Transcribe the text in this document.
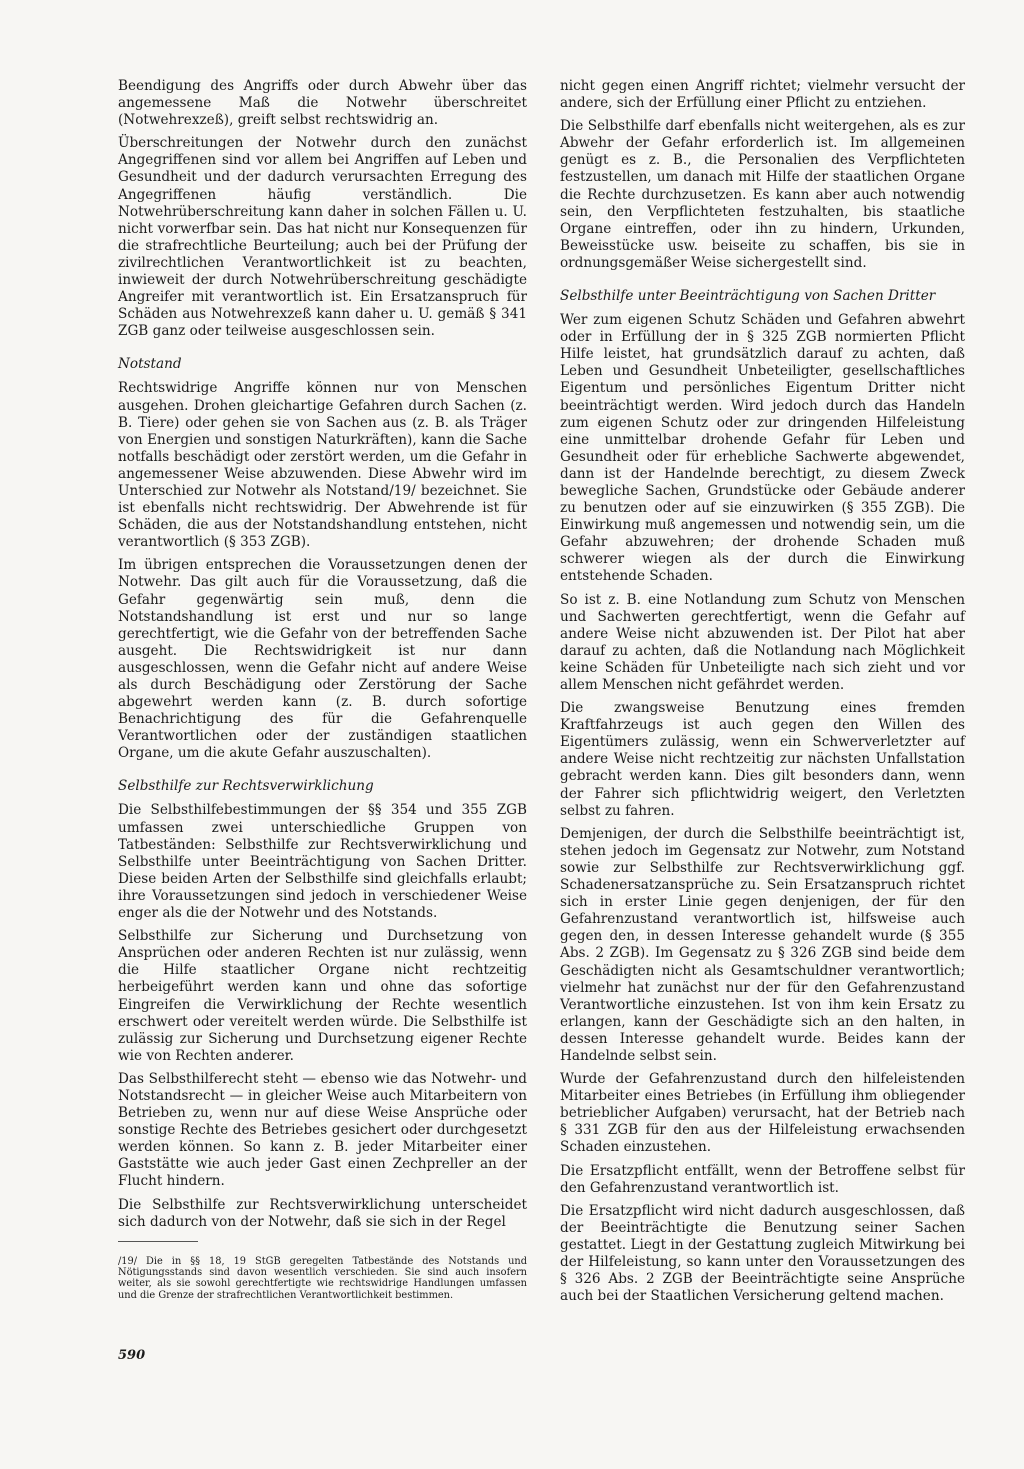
Beendigung des Angriffs oder durch Abwehr über das angemessene Maß die Notwehr überschreitet (Notwehrexzeß), greift selbst rechtswidrig an.

Überschreitungen der Notwehr durch den zunächst Angegriffenen sind vor allem bei Angriffen auf Leben und Gesundheit und der dadurch verursachten Erregung des Angegriffenen häufig verständlich. Die Notwehrüberschreitung kann daher in solchen Fällen u. U. nicht vorwerfbar sein. Das hat nicht nur Konsequenzen für die strafrechtliche Beurteilung; auch bei der Prüfung der zivilrechtlichen Verantwortlichkeit ist zu beachten, inwieweit der durch Notwehrüberschreitung geschädigte Angreifer mit verantwortlich ist. Ein Ersatzanspruch für Schäden aus Notwehrexzeß kann daher u. U. gemäß § 341 ZGB ganz oder teilweise ausgeschlossen sein.

Notstand

Rechtswidrige Angriffe können nur von Menschen ausgehen. Drohen gleichartige Gefahren durch Sachen (z. B. Tiere) oder gehen sie von Sachen aus (z. B. als Träger von Energien und sonstigen Naturkräften), kann die Sache notfalls beschädigt oder zerstört werden, um die Gefahr in angemessener Weise abzuwenden. Diese Abwehr wird im Unterschied zur Notwehr als Notstand/19/ bezeichnet. Sie ist ebenfalls nicht rechtswidrig. Der Abwehrende ist für Schäden, die aus der Notstandshandlung entstehen, nicht verantwortlich (§ 353 ZGB).

Im übrigen entsprechen die Voraussetzungen denen der Notwehr. Das gilt auch für die Voraussetzung, daß die Gefahr gegenwärtig sein muß, denn die Notstandshandlung ist erst und nur so lange gerechtfertigt, wie die Gefahr von der betreffenden Sache ausgeht. Die Rechtswidrigkeit ist nur dann ausgeschlossen, wenn die Gefahr nicht auf andere Weise als durch Beschädigung oder Zerstörung der Sache abgewehrt werden kann (z. B. durch sofortige Benachrichtigung des für die Gefahrenquelle Verantwortlichen oder der zuständigen staatlichen Organe, um die akute Gefahr auszuschalten).

Selbsthilfe zur Rechtsverwirklichung

Die Selbsthilfebestimmungen der §§ 354 und 355 ZGB umfassen zwei unterschiedliche Gruppen von Tatbeständen: Selbsthilfe zur Rechtsverwirklichung und Selbsthilfe unter Beeinträchtigung von Sachen Dritter. Diese beiden Arten der Selbsthilfe sind gleichfalls erlaubt; ihre Voraussetzungen sind jedoch in verschiedener Weise enger als die der Notwehr und des Notstands.

Selbsthilfe zur Sicherung und Durchsetzung von Ansprüchen oder anderen Rechten ist nur zulässig, wenn die Hilfe staatlicher Organe nicht rechtzeitig herbeigeführt werden kann und ohne das sofortige Eingreifen die Verwirklichung der Rechte wesentlich erschwert oder vereitelt werden würde. Die Selbsthilfe ist zulässig zur Sicherung und Durchsetzung eigener Rechte wie von Rechten anderer.

Das Selbsthilferecht steht — ebenso wie das Notwehr- und Notstandsrecht — in gleicher Weise auch Mitarbeitern von Betrieben zu, wenn nur auf diese Weise Ansprüche oder sonstige Rechte des Betriebes gesichert oder durchgesetzt werden können. So kann z. B. jeder Mitarbeiter einer Gaststätte wie auch jeder Gast einen Zechpreller an der Flucht hindern.

Die Selbsthilfe zur Rechtsverwirklichung unterscheidet sich dadurch von der Notwehr, daß sie sich in der Regel

/19/ Die in §§ 18, 19 StGB geregelten Tatbestände des Notstands und Nötigungsstands sind davon wesentlich verschieden. Sie sind auch insofern weiter, als sie sowohl gerechtfertigte wie rechtswidrige Handlungen umfassen und die Grenze der strafrechtlichen Verantwortlichkeit bestimmen.

nicht gegen einen Angriff richtet; vielmehr versucht der andere, sich der Erfüllung einer Pflicht zu entziehen.

Die Selbsthilfe darf ebenfalls nicht weitergehen, als es zur Abwehr der Gefahr erforderlich ist. Im allgemeinen genügt es z. B., die Personalien des Verpflichteten festzustellen, um danach mit Hilfe der staatlichen Organe die Rechte durchzusetzen. Es kann aber auch notwendig sein, den Verpflichteten festzuhalten, bis staatliche Organe eintreffen, oder ihn zu hindern, Urkunden, Beweisstücke usw. beiseite zu schaffen, bis sie in ordnungsgemäßer Weise sichergestellt sind.

Selbsthilfe unter Beeinträchtigung von Sachen Dritter

Wer zum eigenen Schutz Schäden und Gefahren abwehrt oder in Erfüllung der in § 325 ZGB normierten Pflicht Hilfe leistet, hat grundsätzlich darauf zu achten, daß Leben und Gesundheit Unbeteiligter, gesellschaftliches Eigentum und persönliches Eigentum Dritter nicht beeinträchtigt werden. Wird jedoch durch das Handeln zum eigenen Schutz oder zur dringenden Hilfeleistung eine unmittelbar drohende Gefahr für Leben und Gesundheit oder für erhebliche Sachwerte abgewendet, dann ist der Handelnde berechtigt, zu diesem Zweck bewegliche Sachen, Grundstücke oder Gebäude anderer zu benutzen oder auf sie einzuwirken (§ 355 ZGB). Die Einwirkung muß angemessen und notwendig sein, um die Gefahr abzuwehren; der drohende Schaden muß schwerer wiegen als der durch die Einwirkung entstehende Schaden.

So ist z. B. eine Notlandung zum Schutz von Menschen und Sachwerten gerechtfertigt, wenn die Gefahr auf andere Weise nicht abzuwenden ist. Der Pilot hat aber darauf zu achten, daß die Notlandung nach Möglichkeit keine Schäden für Unbeteiligte nach sich zieht und vor allem Menschen nicht gefährdet werden.

Die zwangsweise Benutzung eines fremden Kraftfahrzeugs ist auch gegen den Willen des Eigentümers zulässig, wenn ein Schwerverletzter auf andere Weise nicht rechtzeitig zur nächsten Unfallstation gebracht werden kann. Dies gilt besonders dann, wenn der Fahrer sich pflichtwidrig weigert, den Verletzten selbst zu fahren.

Demjenigen, der durch die Selbsthilfe beeinträchtigt ist, stehen jedoch im Gegensatz zur Notwehr, zum Notstand sowie zur Selbsthilfe zur Rechtsverwirklichung ggf. Schadenersatzansprüche zu. Sein Ersatzanspruch richtet sich in erster Linie gegen denjenigen, der für den Gefahrenzustand verantwortlich ist, hilfsweise auch gegen den, in dessen Interesse gehandelt wurde (§ 355 Abs. 2 ZGB). Im Gegensatz zu § 326 ZGB sind beide dem Geschädigten nicht als Gesamtschuldner verantwortlich; vielmehr hat zunächst nur der für den Gefahrenzustand Verantwortliche einzustehen. Ist von ihm kein Ersatz zu erlangen, kann der Geschädigte sich an den halten, in dessen Interesse gehandelt wurde. Beides kann der Handelnde selbst sein.

Wurde der Gefahrenzustand durch den hilfeleistenden Mitarbeiter eines Betriebes (in Erfüllung ihm obliegender betrieblicher Aufgaben) verursacht, hat der Betrieb nach § 331 ZGB für den aus der Hilfeleistung erwachsenden Schaden einzustehen.

Die Ersatzpflicht entfällt, wenn der Betroffene selbst für den Gefahrenzustand verantwortlich ist.

Die Ersatzpflicht wird nicht dadurch ausgeschlossen, daß der Beeinträchtigte die Benutzung seiner Sachen gestattet. Liegt in der Gestattung zugleich Mitwirkung bei der Hilfeleistung, so kann unter den Voraussetzungen des § 326 Abs. 2 ZGB der Beeinträchtigte seine Ansprüche auch bei der Staatlichen Versicherung geltend machen.

590
